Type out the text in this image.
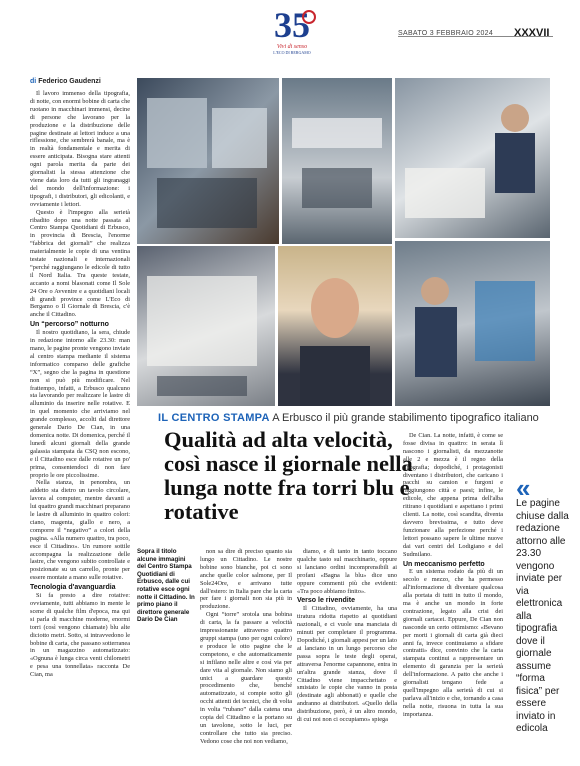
35
Vivi di senso
L'ECO DI BERGAMO
SABATO 3 FEBBRAIO 2024 XXXVII
di Federico Gaudenzi

Il lavoro immenso della tipografia, di notte, con enormi bobine di carta che ruotano in macchinari immensi, decine di persone che lavorano per la produzione e la distribuzione delle pagine destinate ai lettori induce a una riflessione, che sembrerà banale, ma è in realtà fondamentale e merita di essere anticipata. Bisogna stare attenti ogni parola merita da parte dei giornalisti la stessa attenzione che viene data loro da tutti gli ingranaggi del mondo dell'informazione: i tipografi, i distributori, gli edicolanti, e ovviamente i lettori.

Questo è l'impegno alla serietà ribadito dopo una notte passata al Centro Stampa Quotidiani di Erbusco, in provincia di Brescia, l'enorme “fabbrica dei giornali” che realizza materialmente le copie di una ventina testate nazionali e internazionali “perché raggiungano le edicole di tutto il Nord Italia. Tra queste testate, accanto a nomi blasonati come Il Sole 24 Ore o Avvenire e a quotidiani locali di grandi province come L'Eco di Bergamo o Il Giornale di Brescia, c'è anche il Cittadino.

Un “percorso” notturno

Il nostro quotidiano, la sera, chiude in redazione intorno alle 23.30: man mano, le pagine pronte vengono inviate al centro stampa mediante il sistema informatico comparso delle grafiche “X”, segno che la pagina in questione non si può più modificare. Nel frattempo, infatti, a Erbusco qualcuno sta lavorando per realizzare le lastre di alluminio da inserire nelle rotative. E in quel momento che arriviamo nel grande complesso, accolti dal direttore generale Dario De Cian, in una domenica notte. Di domenica, perché il lunedì alcuni giornali della grande galassia stampata da CSQ non escono, e il Cittadino esce dalle rotative un po' prima, consentendoci di non fare proprio le ore piccolissime.

Nella stanza, in penombra, un addetto sta dietro un tavolo circolare, lavora al computer, mentre davanti a lui quattro grandi macchinari preparano le lastre di alluminio in quattro colori: ciano, magenta, giallo e nero, a comporre il “negativo” a colori della pagina. «Alla numero quattro, tra poco, esce il Cittadino». Un rumore sottile accompagna la realizzazione delle lastre, che vengono subito controllate e posizionate su un carrello, pronte per essere montate a mano sulle rotative.

Tecnologia d'avanguardia

Si fa presto a dire rotative: ovviamente, tutti abbiamo in mente le scene di qualche film d'epoca, ma qui si parla di macchine moderne, enormi torri (così vengono chiamate) blu alte diciotto metri. Sotto, si intravvedono le bobine di carta, che passano sotterranea in un magazzino automatizzato: «Ognuna è lunga circa venti chilometri e pesa una tonnellata» racconta De Cian, ma

IL CENTRO STAMPA A Erbusco il più grande stabilimento tipografico italiano
Qualità ad alta velocità, così nasce il giornale nella lunga notte fra torri blu e rotative
Sopra il titolo alcune immagini del Centro Stampa Quotidiani di Erbusco, dalle cui rotative esce ogni notte il Cittadino. In primo piano il direttore generale Dario De Cian

non sa dire di preciso quanto sia lungo un Cittadino. Le nostre bobine sono bianche, poi ci sono anche quelle color salmone, per Il Sole24Ore, e arrivano tutte dall'estero: in Italia pare che la carta per fare i giornali non sia più in produzione.

Ogni “torre” srotola una bobina di carta, la fa passare a velocità impressionante attraverso quattro gruppi stampa (uno per ogni colore) e produce le otto pagine che le competono, e che automaticamente si infilano nelle altre e così via per dare vita al giornale. Non siamo gli unici a guardare questo procedimento che, benché automatizzato, si compie sotto gli occhi attenti dei tecnici, che di volta in volta “rubano” dalla catena una copia del Cittadino e la portano su un tavolone, sotto le luci, per controllare che tutto sia preciso. Vedono cose che noi non vediamo,

diamo, e di tanto in tanto toccano qualche tasto sul macchinario, oppure si lanciano ordini incomprensibili ai profani «Bagna la blu» dice uno oppure commenti più che evidenti: «Tra poco abbiamo finito».

Verso le rivendite

Il Cittadino, ovviamente, ha una tiratura ridotta rispetto ai quotidiani nazionali, e ci vuole una manciata di minuti per completare il programma. Dopodiché, i giornali appesi per un lato ai lanciano in un lungo percorso che passa sopra le teste degli operai, attraversa l'enorme capannone, entra in un'altra grande stanza, dove il Cittadino viene impacchettato e smistato le copie che vanno in posta (destinate agli abbonati) e quelle che andranno ai distributori. «Quello della distribuzione, però, è un altro mondo, di cui noi non ci occupiamo» spiega

De Cian. La notte, infatti, è come se fosse divisa in quattro: in serata lì nascono i giornalisti, da mezzanotte alle 2 e mezza è il regno della tipografia; dopodiché, i protagonisti diventano i distributori, che caricano i pacchi su camion e furgoni e raggiungono città e paesi; infine, le edicole, che appena prima dell'alba ritirano i quotidiani e aspettano i primi clienti. La notte, così scandita, diventa davvero brevissima, e tutto deve funzionare alla perfezione perché i lettori possano sapere le ultime nuove dai vari centri del Lodigiano e del Sudmilano.

Un meccanismo perfetto

E un sistema rodato da più di un secolo e mezzo, che ha permesso all'informazione di diventare qualcosa alla portata di tutti in tutto il mondo, ma è anche un mondo in forte contrazione, legato alla crisi dei giornali cartacei. Eppure, De Cian non nasconde un certo ottimismo: «Bevano per morti i giornali di carta già dieci anni fa, invece continuiamo a sfidare contratti» dice, convinto che la carta stampata continui a rappresentare un elemento di garanzia per la serietà dell'informazione. A patto che anche i giornalisti tengano fede a quell'impegno alla serietà di cui si parlava all'inizio e che, tornando a casa nella notte, risuona in tutta la sua importanza.

«
Le pagine chiuse dalla redazione attorno alle 23.30 vengono inviate per via elettronica alla tipografia dove il giornale assume “forma fisica” per essere inviato in edicola
